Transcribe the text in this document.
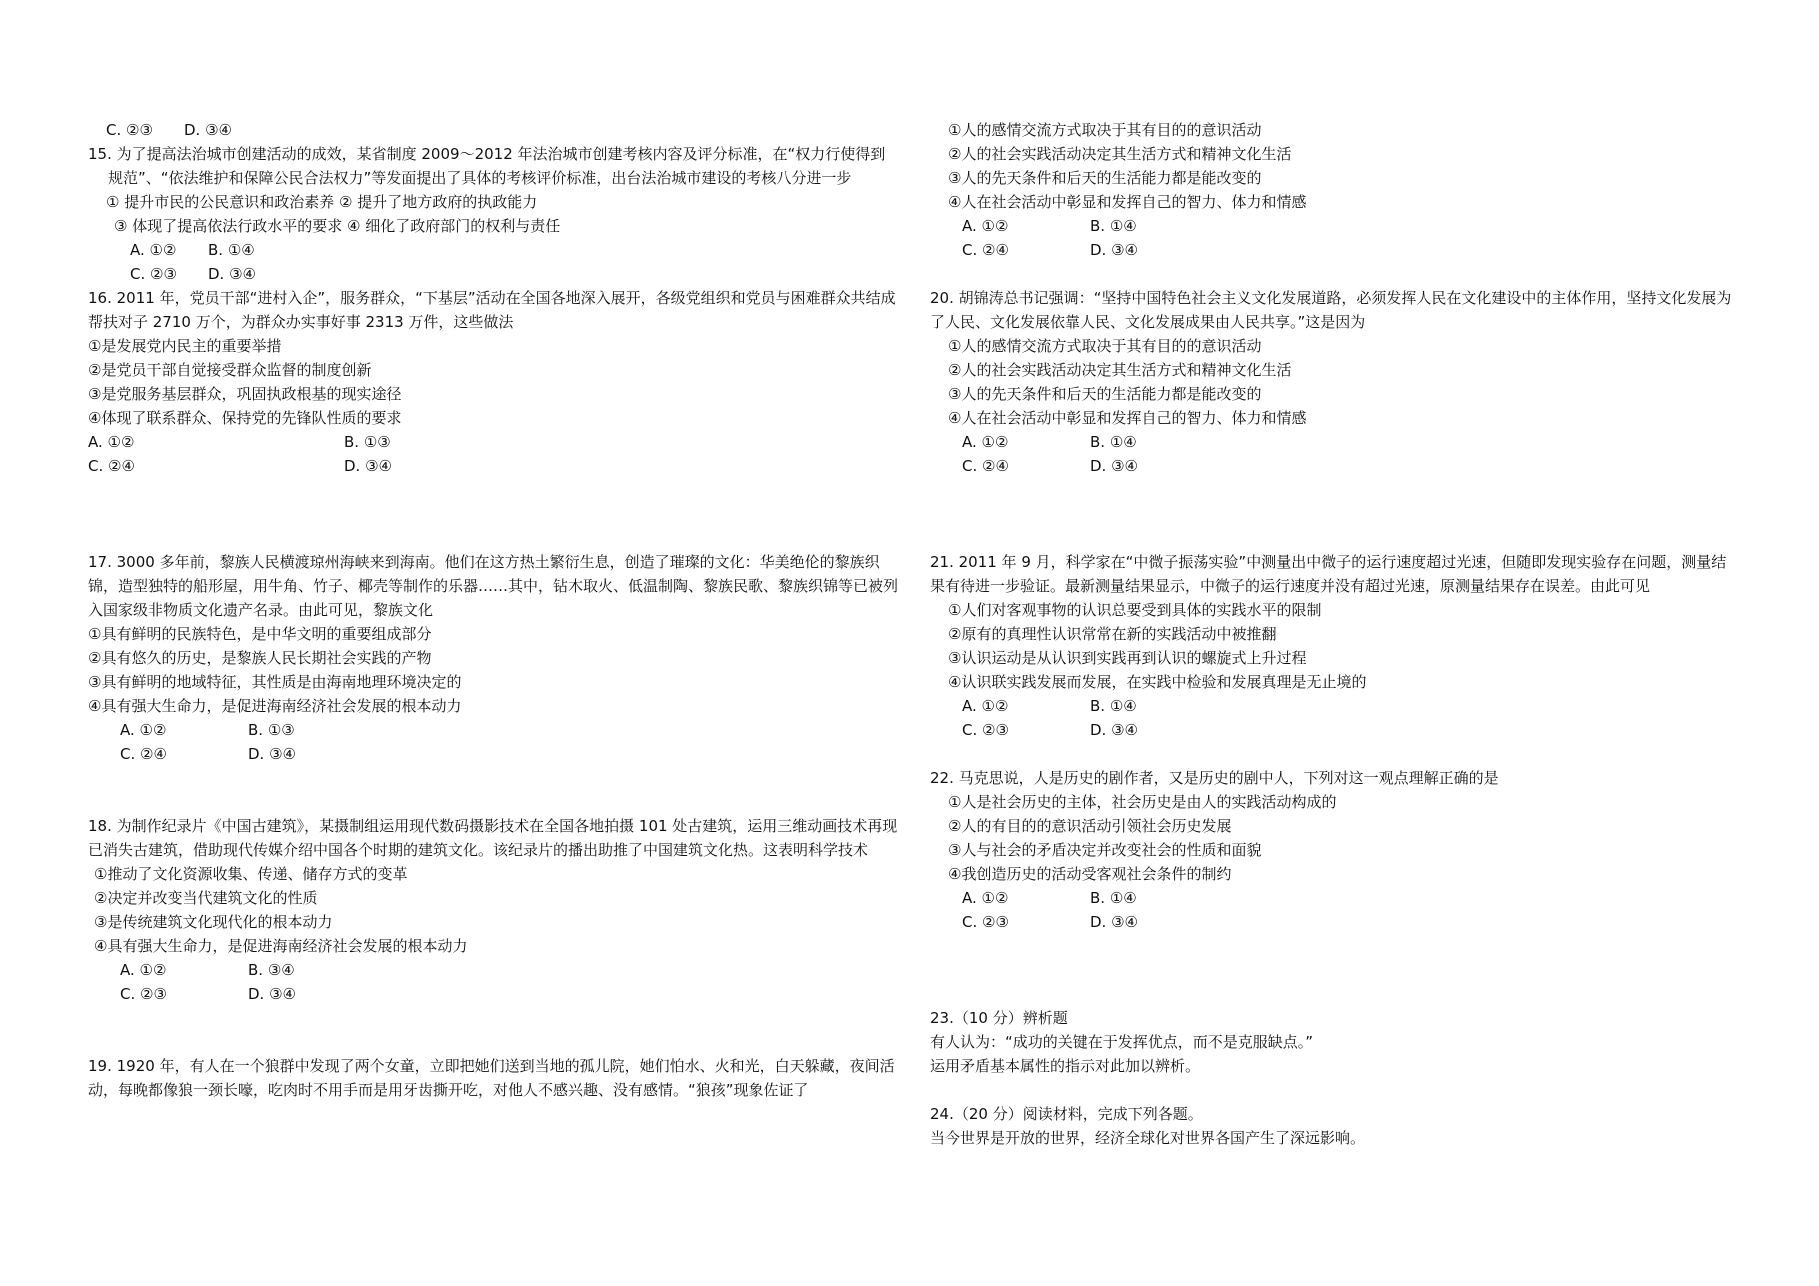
C. ②③ D. ③④
15. 为了提高法治城市创建活动的成效，某省制度 2009～2012 年法治城市创建考核内容及评分标准，在“权力行使得到规范”、“依法维护和保障公民合法权力”等发面提出了具体的考核评价标准，出台法治城市建设的考核八分进一步
① 提升市民的公民意识和政治素养 ② 提升了地方政府的执政能力
③ 体现了提高依法行政水平的要求 ④ 细化了政府部门的权利与责任
A. ①② B. ①④
C. ②③ D. ③④
16. 2011 年，党员干部“进村入企”，服务群众，“下基层”活动在全国各地深入展开，各级党组织和党员与困难群众共结成帮扶对子 2710 万个，为群众办实事好事 2313 万件，这些做法
①是发展党内民主的重要举措
②是党员干部自觉接受群众监督的制度创新
③是党服务基层群众，巩固执政根基的现实途径
④体现了联系群众、保持党的先锋队性质的要求
A. ①②	B. ①③
C. ②④	D. ③④
17. 3000 多年前，黎族人民横渡琼州海峡来到海南。他们在这方热土繁衍生息，创造了璀璨的文化：华美绝伦的黎族织锦，造型独特的船形屋，用牛角、竹子、椰壳等制作的乐器……其中，钻木取火、低温制陶、黎族民歌、黎族织锦等已被列入国家级非物质文化遗产名录。由此可见，黎族文化
①具有鲜明的民族特色，是中华文明的重要组成部分
②具有悠久的历史，是黎族人民长期社会实践的产物
③具有鲜明的地域特征，其性质是由海南地理环境决定的
④具有强大生命力，是促进海南经济社会发展的根本动力
A. ①②	B. ①③
C. ②④	D. ③④
18. 为制作纪录片《中国古建筑》，某摄制组运用现代数码摄影技术在全国各地拍摄 101 处古建筑，运用三维动画技术再现已消失古建筑，借助现代传媒介绍中国各个时期的建筑文化。该纪录片的播出助推了中国建筑文化热。这表明科学技术
①推动了文化资源收集、传递、储存方式的变革
②决定并改变当代建筑文化的性质
③是传统建筑文化现代化的根本动力
④具有强大生命力，是促进海南经济社会发展的根本动力
A. ①②	B. ③④
C. ②③	D. ③④
19. 1920 年，有人在一个狼群中发现了两个女童，立即把她们送到当地的孤儿院，她们怕水、火和光，白天躲藏，夜间活动，每晚都像狼一颈长嚎，吃肉时不用手而是用牙齿撕开吃，对他人不感兴趣、没有感情。“狼孩”现象佐证了
①人的感情交流方式取决于其有目的的意识活动
②人的社会实践活动决定其生活方式和精神文化生活
③人的先天条件和后天的生活能力都是能改变的
④人在社会活动中彰显和发挥自己的智力、体力和情感
A. ①②	B. ①④
C. ②④	D. ③④
20. 胡锦涛总书记强调：“坚持中国特色社会主义文化发展道路，必须发挥人民在文化建设中的主体作用，坚持文化发展为了人民、文化发展依靠人民、文化发展成果由人民共享。”这是因为
①人的感情交流方式取决于其有目的的意识活动
②人的社会实践活动决定其生活方式和精神文化生活
③人的先天条件和后天的生活能力都是能改变的
④人在社会活动中彰显和发挥自己的智力、体力和情感
A. ①②	B. ①④
C. ②④	D. ③④
21. 2011 年 9 月，科学家在“中微子振荡实验”中测量出中微子的运行速度超过光速，但随即发现实验存在问题，测量结果有待进一步验证。最新测量结果显示，中微子的运行速度并没有超过光速，原测量结果存在误差。由此可见
①人们对客观事物的认识总要受到具体的实践水平的限制
②原有的真理性认识常常在新的实践活动中被推翻
③认识运动是从认识到实践再到认识的螺旋式上升过程
④认识联实践发展而发展，在实践中检验和发展真理是无止境的
A. ①②	B. ①④
C. ②③	D. ③④
22. 马克思说，人是历史的剧作者，又是历史的剧中人，下列对这一观点理解正确的是
①人是社会历史的主体，社会历史是由人的实践活动构成的
②人的有目的的意识活动引领社会历史发展
③人与社会的矛盾决定并改变社会的性质和面貌
④我创造历史的活动受客观社会条件的制约
A. ①②	B. ①④
C. ②③	D. ③④
23.（10 分）辨析题
有人认为：“成功的关键在于发挥优点，而不是克服缺点。”
运用矛盾基本属性的指示对此加以辨析。
24.（20 分）阅读材料，完成下列各题。
当今世界是开放的世界，经济全球化对世界各国产生了深远影响。
